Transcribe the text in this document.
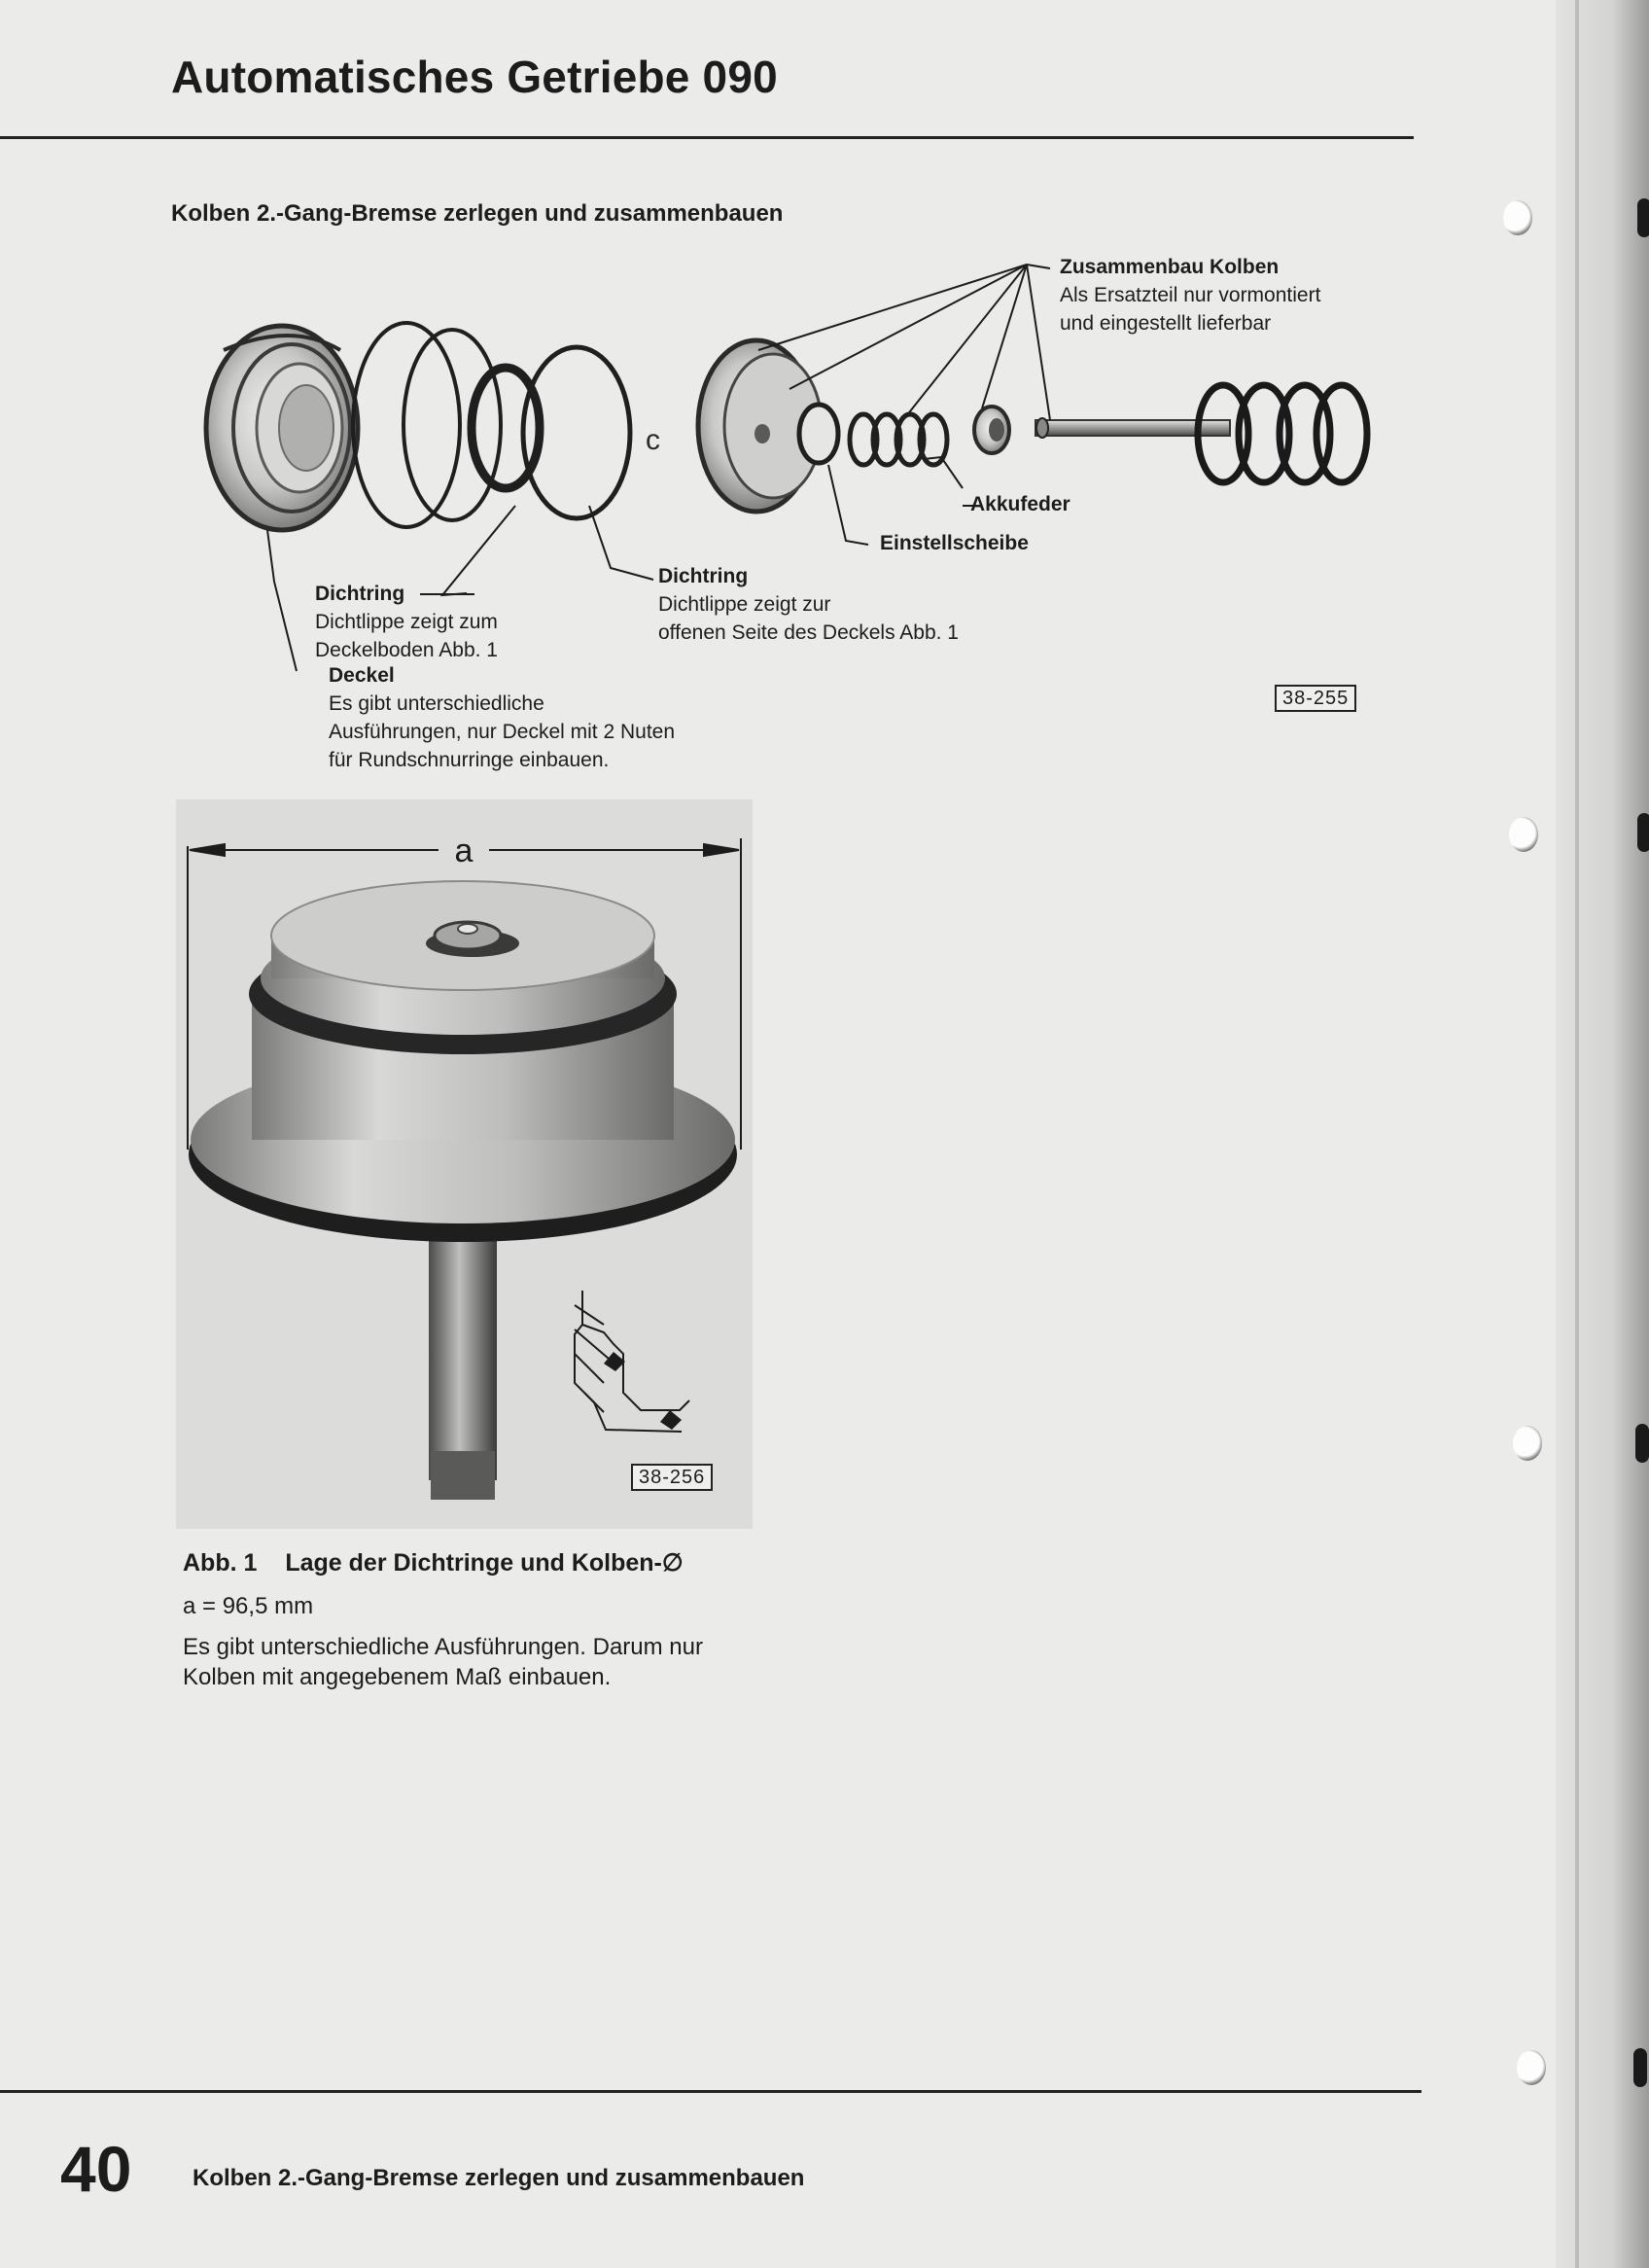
Automatisches Getriebe 090
Kolben 2.-Gang-Bremse zerlegen und zusammenbauen
c
Zusammenbau Kolben
Als Ersatzteil nur vormontiert
und eingestellt lieferbar
Akkufeder
Einstellscheibe
Dichtring
Dichtlippe zeigt zur
offenen Seite des Deckels Abb. 1
Dichtring
Dichtlippe zeigt zum
Deckelboden Abb. 1
Deckel
Es gibt unterschiedliche
Ausführungen, nur Deckel mit 2 Nuten
für Rundschnurringe einbauen.
38-255
a
38-256
Abb. 1 Lage der Dichtringe und Kolben-∅
a = 96,5 mm
Es gibt unterschiedliche Ausführungen. Darum nur
Kolben mit angegebenem Maß einbauen.
40	Kolben 2.-Gang-Bremse zerlegen und zusammenbauen
